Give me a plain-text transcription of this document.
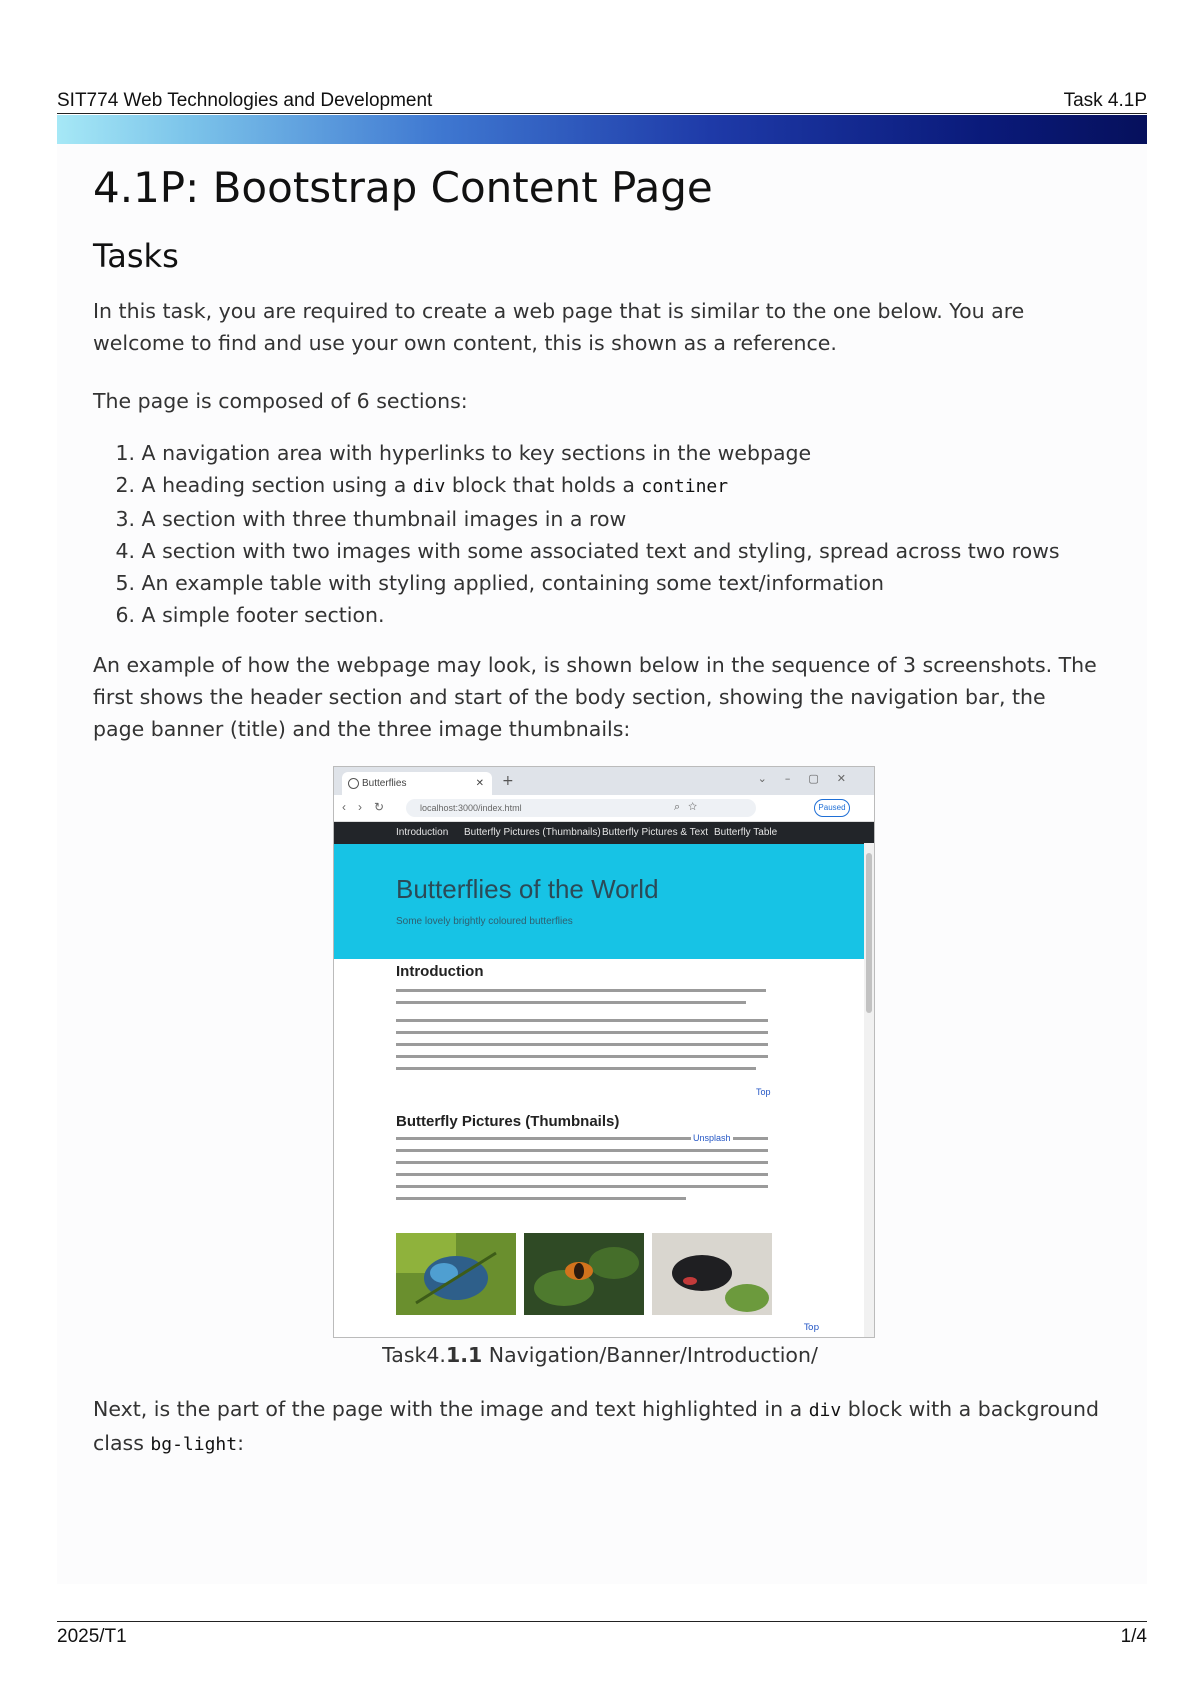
SIT774 Web Technologies and Development	Task 4.1P
4.1P: Bootstrap Content Page
Tasks

In this task, you are required to create a web page that is similar to the one below. You are welcome to find and use your own content, this is shown as a reference.

The page is composed of 6 sections:

1. A navigation area with hyperlinks to key sections in the webpage
2. A heading section using a div block that holds a continer
3. A section with three thumbnail images in a row
4. A section with two images with some associated text and styling, spread across two rows
5. An example table with styling applied, containing some text/information
6. A simple footer section.

An example of how the webpage may look, is shown below in the sequence of 3 screenshots. The first shows the header section and start of the body section, showing the navigation bar, the page banner (title) and the three image thumbnails:

Butterflies	✕ +	⌄–▢✕
‹›↻	localhost:3000/index.html	⌕☆	Paused
Introduction Butterfly Pictures (Thumbnails) Butterfly Pictures & Text Butterfly Table
Butterflies of the World
Some lovely brightly coloured butterflies
Introduction
Top
Butterfly Pictures (Thumbnails)
Unsplash
Top
Task4.1.1 Navigation/Banner/Introduction/

Next, is the part of the page with the image and text highlighted in a div block with a background class bg-light:

2025/T1	1/4
